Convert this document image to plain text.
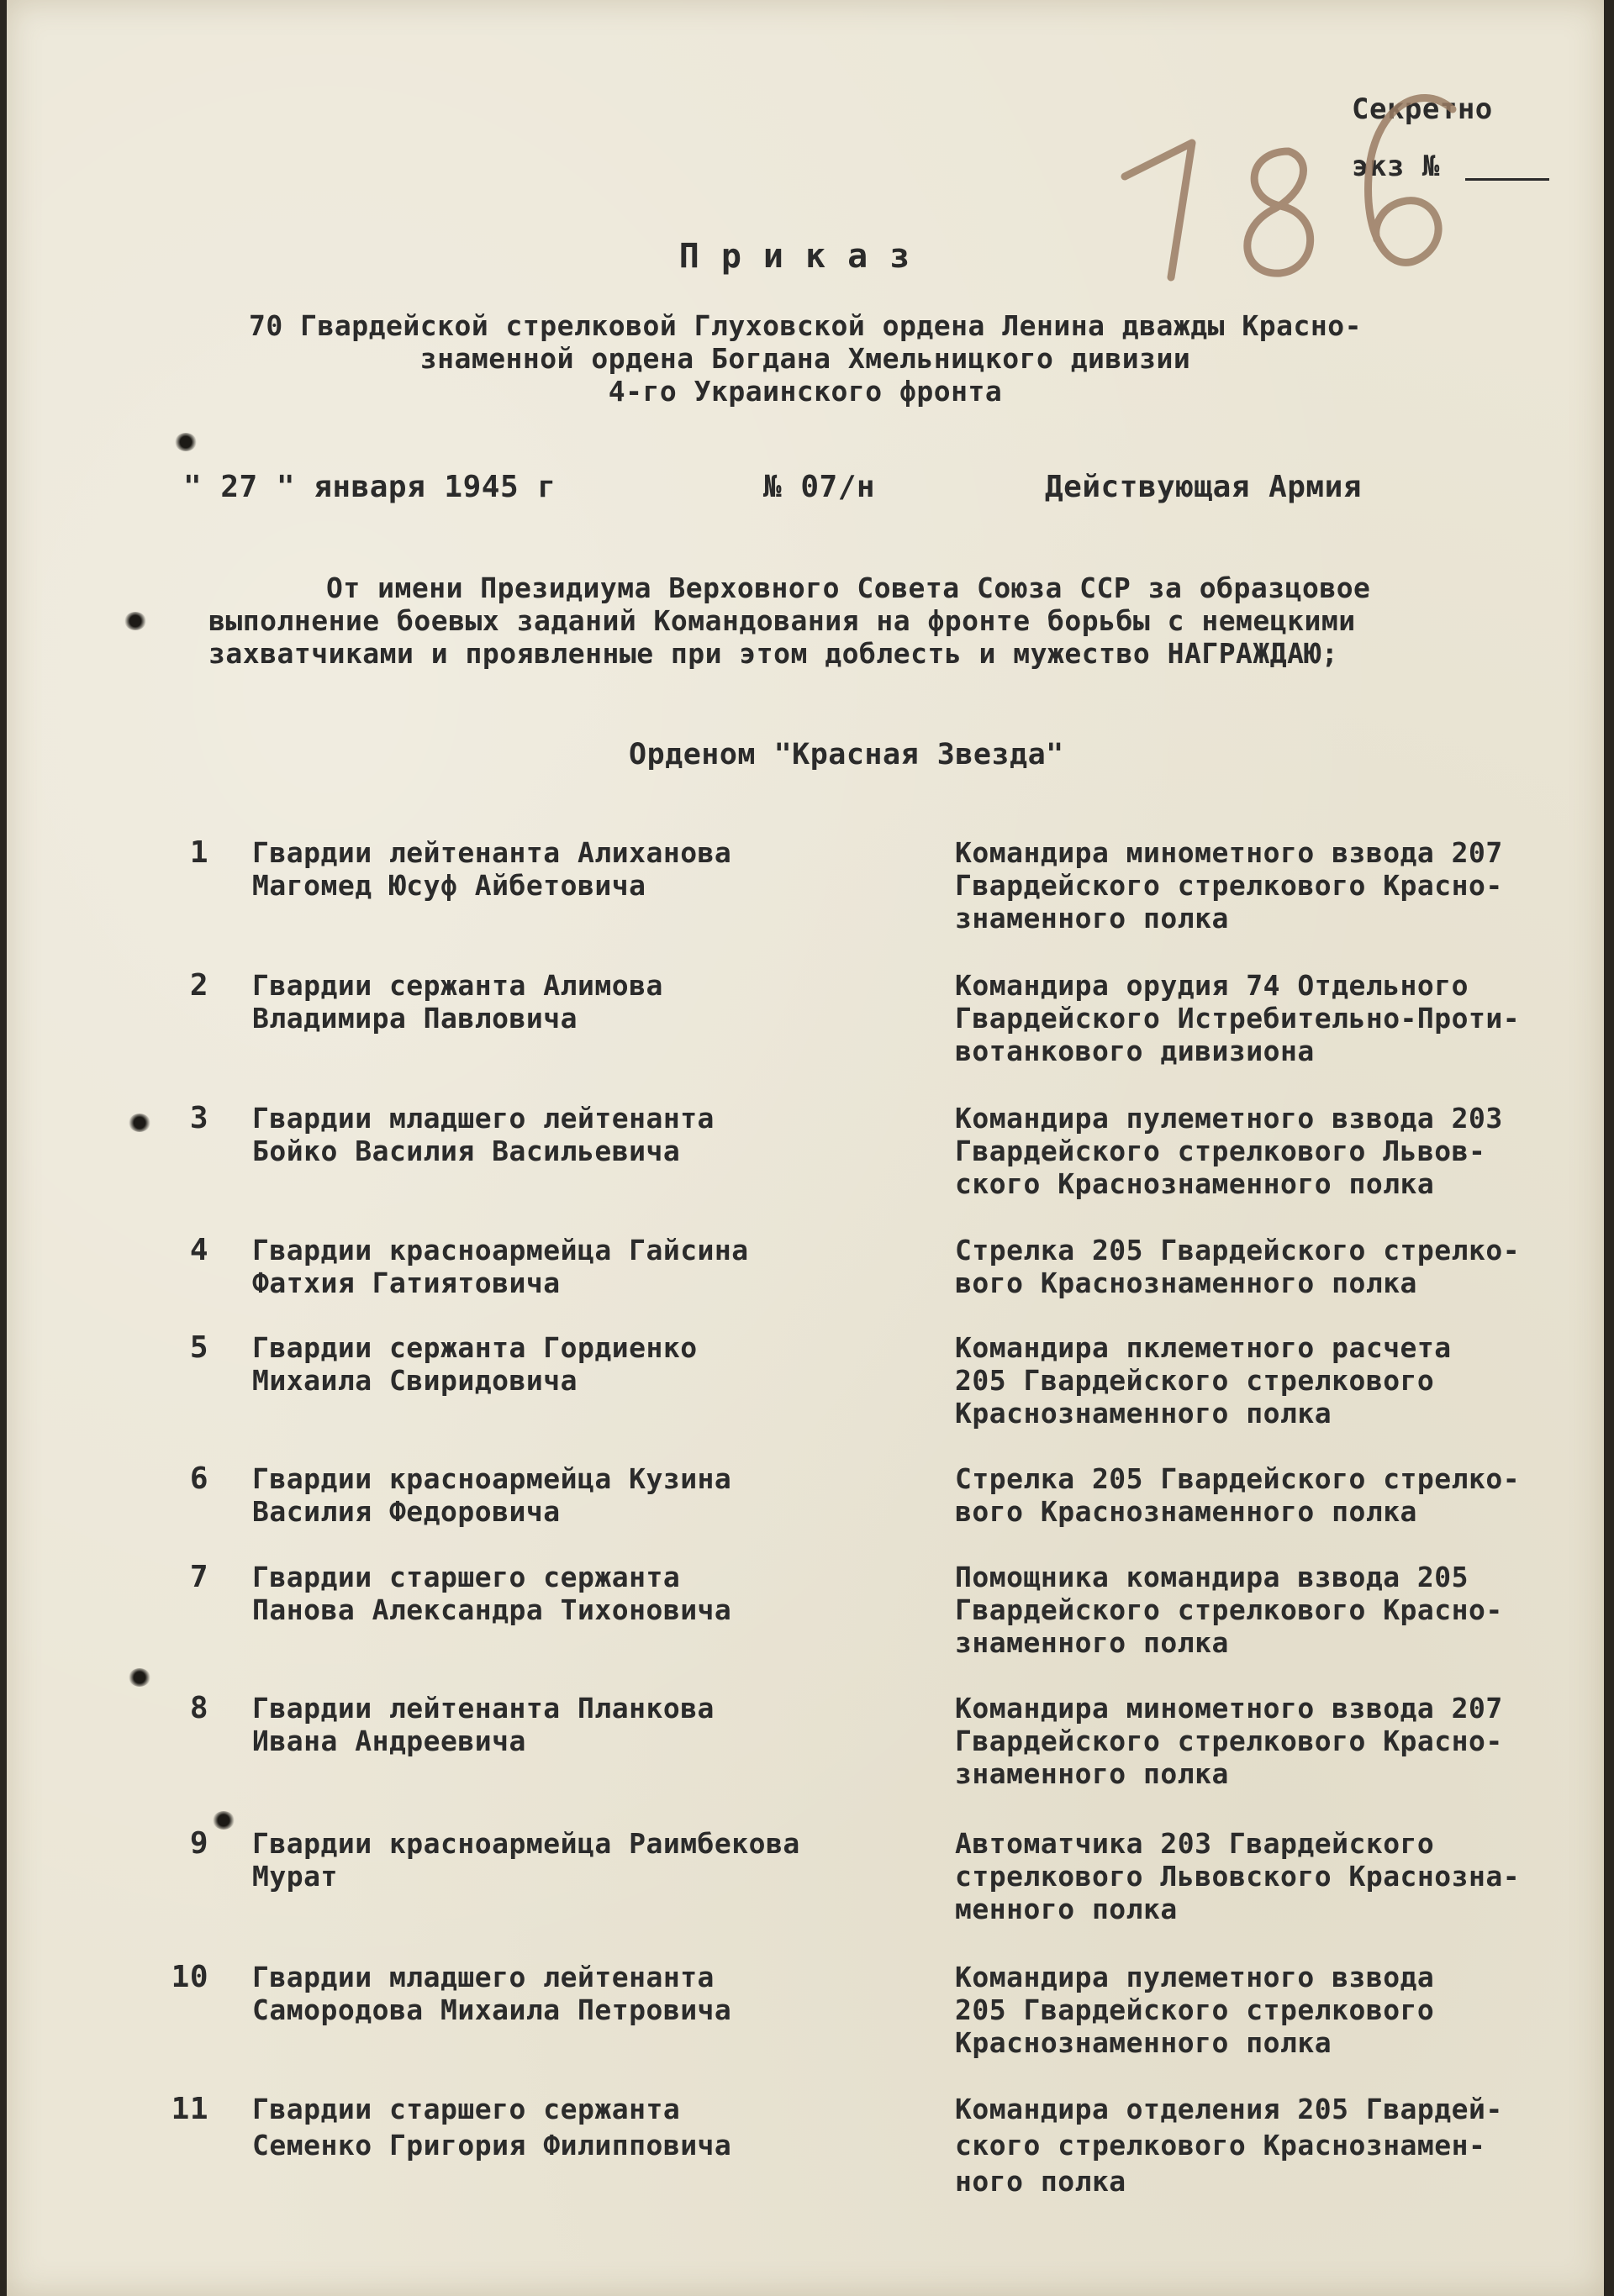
Секретно
экз №
Приказ
70 Гвардейской стрелковой Глуховской ордена Ленина дважды Красно-
знаменной ордена Богдана Хмельницкого дивизии
4-го Украинского фронта
" 27 " января 1945 г	№ 07/н	Действующая Армия
От имени Президиума Верховного Совета Союза ССР за образцовое
выполнение боевых заданий Командования на фронте борьбы с немецкими
захватчиками и проявленные при этом доблесть и мужество НАГРАЖДАЮ;
Орденом "Красная Звезда"
1 Гвардии лейтенанта Алиханова
Магомед Юсуф Айбетовича
Командира минометного взвода 207
Гвардейского стрелкового Красно-
знаменного полка
2 Гвардии сержанта Алимова
Владимира Павловича
Командира орудия 74 Отдельного
Гвардейского Истребительно-Проти-
вотанкового дивизиона
3 Гвардии младшего лейтенанта
Бойко Василия Васильевича
Командира пулеметного взвода 203
Гвардейского стрелкового Львов-
ского Краснознаменного полка
4 Гвардии красноармейца Гайсина
Фатхия Гатиятовича
Стрелка 205 Гвардейского стрелко-
вого Краснознаменного полка
5 Гвардии сержанта Гордиенко
Михаила Свиридовича
Командира пклеметного расчета
205 Гвардейского стрелкового
Краснознаменного полка
6 Гвардии красноармейца Кузина
Василия Федоровича
Стрелка 205 Гвардейского стрелко-
вого Краснознаменного полка
7 Гвардии старшего сержанта
Панова Александра Тихоновича
Помощника командира взвода 205
Гвардейского стрелкового Красно-
знаменного полка
8 Гвардии лейтенанта Планкова
Ивана Андреевича
Командира минометного взвода 207
Гвардейского стрелкового Красно-
знаменного полка
9 Гвардии красноармейца Раимбекова
Мурат
Автоматчика 203 Гвардейского
стрелкового Львовского Краснозна-
менного полка
10 Гвардии младшего лейтенанта
Самородова Михаила Петровича
Командира пулеметного взвода
205 Гвардейского стрелкового
Краснознаменного полка
11 Гвардии старшего сержанта
Семенко Григория Филипповича
Командира отделения 205 Гвардей-
ского стрелкового Краснознамен-
ного полка
